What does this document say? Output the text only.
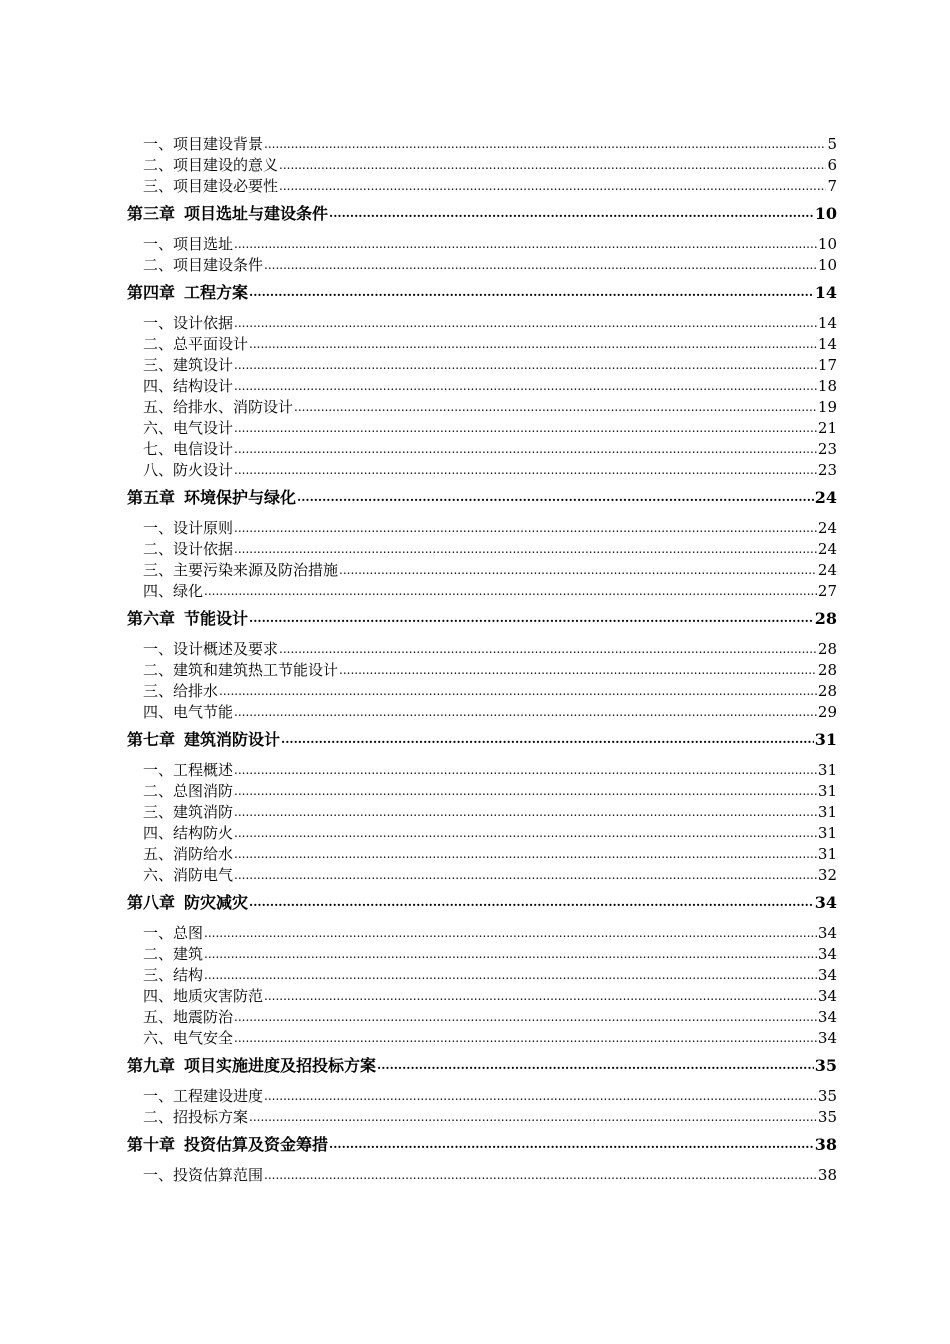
一、项目建设背景 .....	5
二、项目建设的意义 .....	6
三、项目建设必要性 .....	7
第三章 项目选址与建设条件 .....	10
一、项目选址 .....	10
二、项目建设条件 .....	10
第四章 工程方案 .....	14
一、设计依据 .....	14
二、总平面设计 .....	14
三、建筑设计 .....	17
四、结构设计 .....	18
五、给排水、消防设计 .....	19
六、电气设计 .....	21
七、电信设计 .....	23
八、防火设计 .....	23
第五章 环境保护与绿化 .....	24
一、设计原则 .....	24
二、设计依据 .....	24
三、主要污染来源及防治措施 .....	24
四、绿化 .....	27
第六章 节能设计 .....	28
一、设计概述及要求 .....	28
二、建筑和建筑热工节能设计 .....	28
三、给排水 .....	28
四、电气节能 .....	29
第七章 建筑消防设计 .....	31
一、工程概述 .....	31
二、总图消防 .....	31
三、建筑消防 .....	31
四、结构防火 .....	31
五、消防给水 .....	31
六、消防电气 .....	32
第八章 防灾减灾 .....	34
一、总图 .....	34
二、建筑 .....	34
三、结构 .....	34
四、地质灾害防范 .....	34
五、地震防治 .....	34
六、电气安全 .....	34
第九章 项目实施进度及招投标方案 .....	35
一、工程建设进度 .....	35
二、招投标方案 .....	35
第十章 投资估算及资金筹措 .....	38
一、投资估算范围 .....	38
